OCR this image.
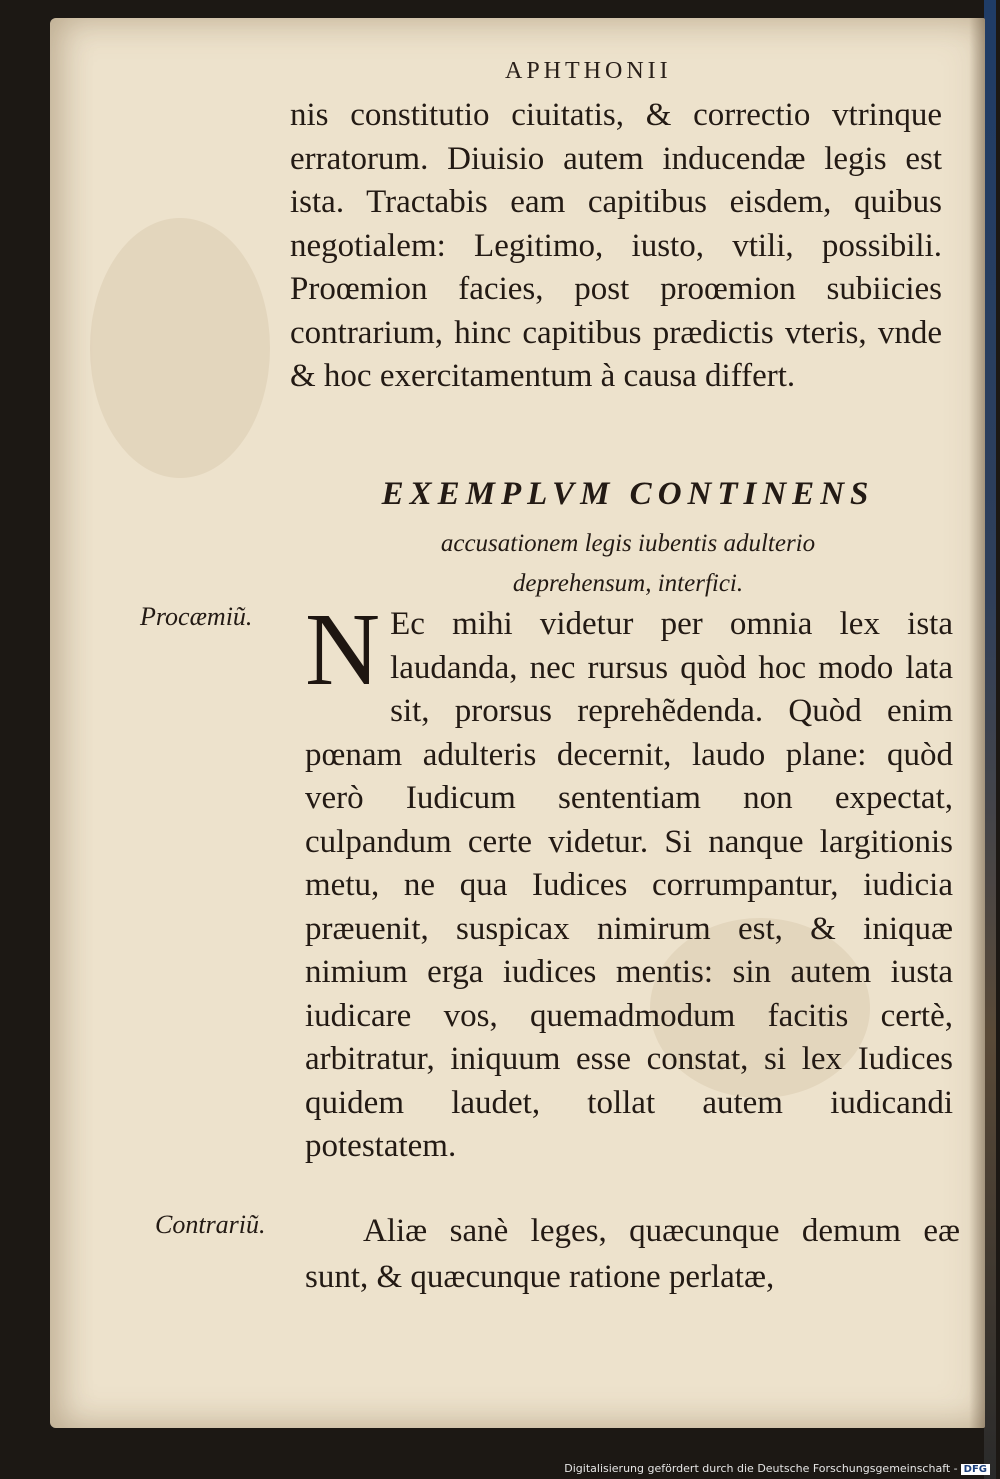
APHTHONII

nis constitutio ciuitatis, & correctio vtrinque erratorum. Diuisio autem inducendæ legis est ista. Tractabis eam capitibus eisdem, quibus negotialem: Legitimo, iusto, vtili, possibili. Proœmion facies, post proœmion subiicies contrarium, hinc capitibus prædictis vteris, vnde & hoc exercitamentum à causa differt.

EXEMPLVM CONTINENS
accusationem legis iubentis adulterio
deprehensum, interfici.
Procæmiũ. N Ec mihi videtur per omnia lex ista laudanda, nec rursus quòd hoc modo lata sit, prorsus reprehẽdenda. Quòd enim pœnam adulteris decernit, laudo plane: quòd verò Iudicum sententiam non expectat, culpandum certe videtur. Si nanque largitionis metu, ne qua Iudices corrumpantur, iudicia præuenit, suspicax nimirum est, & iniquæ nimium erga iudices mentis: sin autem iusta iudicare vos, quemadmodum facitis certè, arbitratur, iniquum esse constat, si lex Iudices quidem laudet, tollat autem iudicandi potestatem.

Contrariũ.	Aliæ sanè leges, quæcunque demum eæ sunt, & quæcunque ratione perlatæ,

Digitalisierung gefördert durch die Deutsche Forschungsgemeinschaft - DFG
